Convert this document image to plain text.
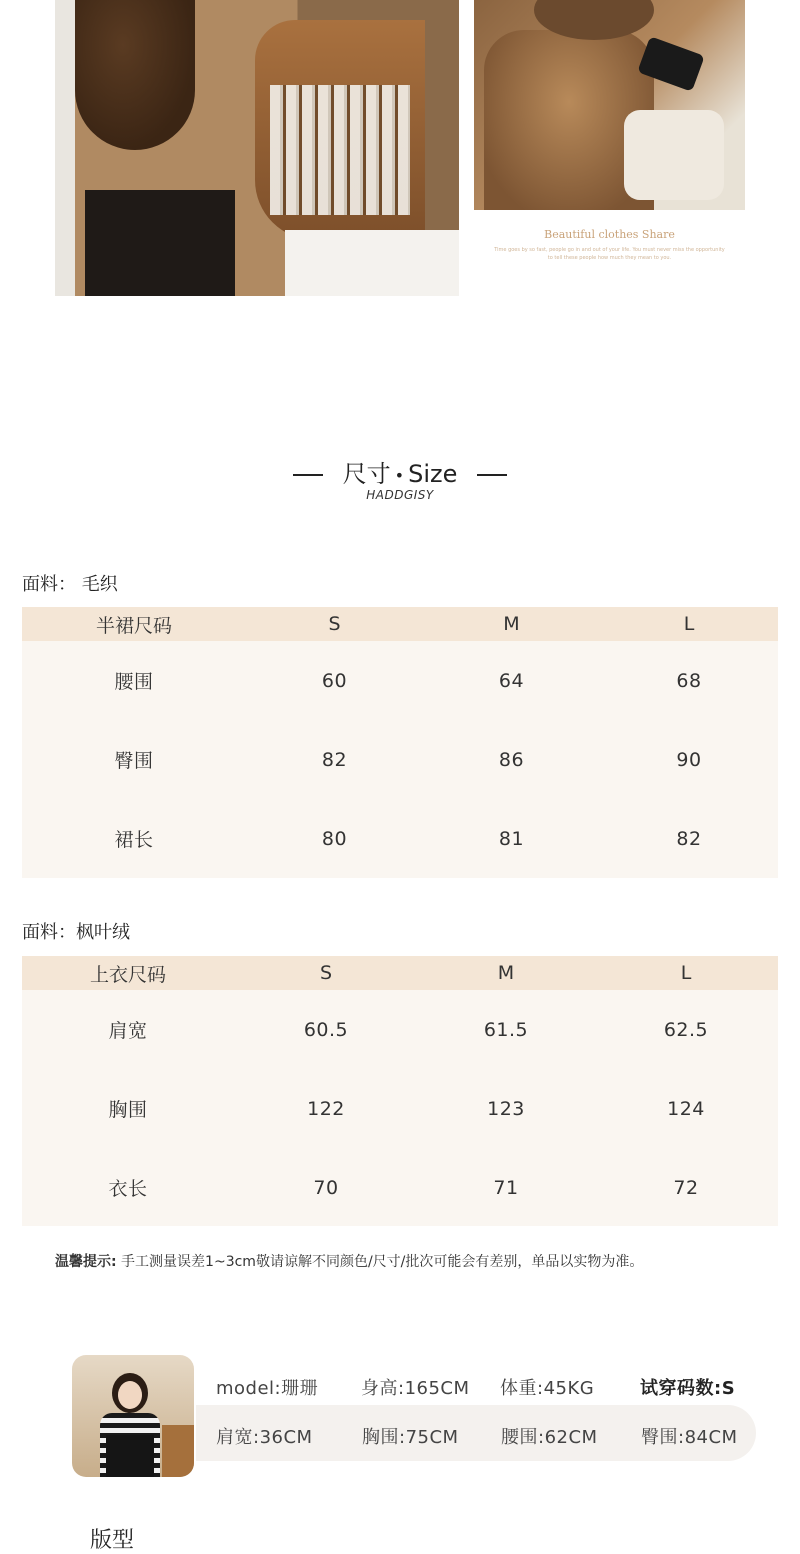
Beautiful clothes Share
Time goes by so fast, people go in and out of your life. You must never miss the opportunity to tell these people how much they mean to you.
尺寸 • Size
HADDGISY
面料： 毛织
半裙尺码	S	M	L
腰围	60	64	68
臀围	82	86	90
裙长	80	81	82
面料：枫叶绒
上衣尺码	S	M	L
肩宽	60.5	61.5	62.5
胸围	122	123	124
衣长	70	71	72
温馨提示: 手工测量误差1~3cm敬请谅解不同颜色/尺寸/批次可能会有差别，单品以实物为准。
model:珊珊 身高:165CM 体重:45KG	试穿码数:S
肩宽:36CM	胸围:75CM 腰围:62CM 臀围:84CM
版型
